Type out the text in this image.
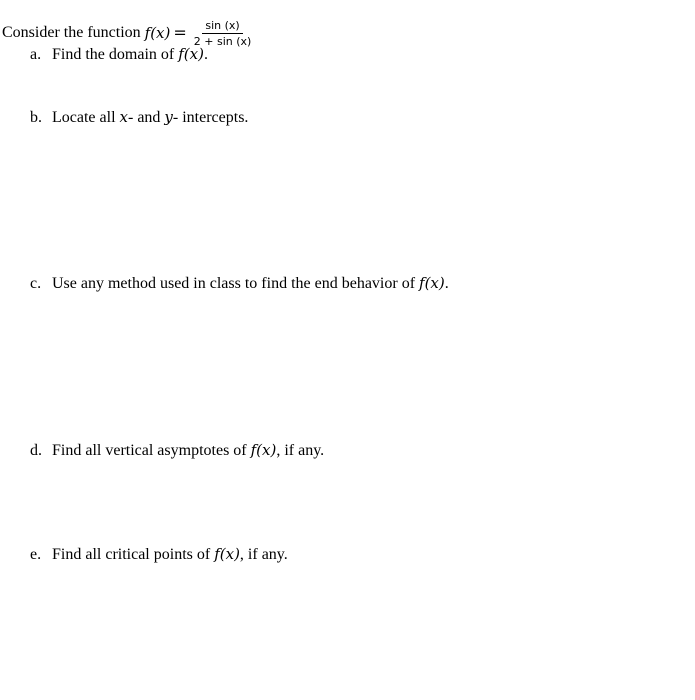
Consider the function $f(x) = \frac{\sin (x)}{2 + \sin (x)}$
a. Find the domain of f(x).
b. Locate all x- and y- intercepts.
c. Use any method used in class to find the end behavior of f(x).
d. Find all vertical asymptotes of f(x), if any.
e. Find all critical points of f(x), if any.
